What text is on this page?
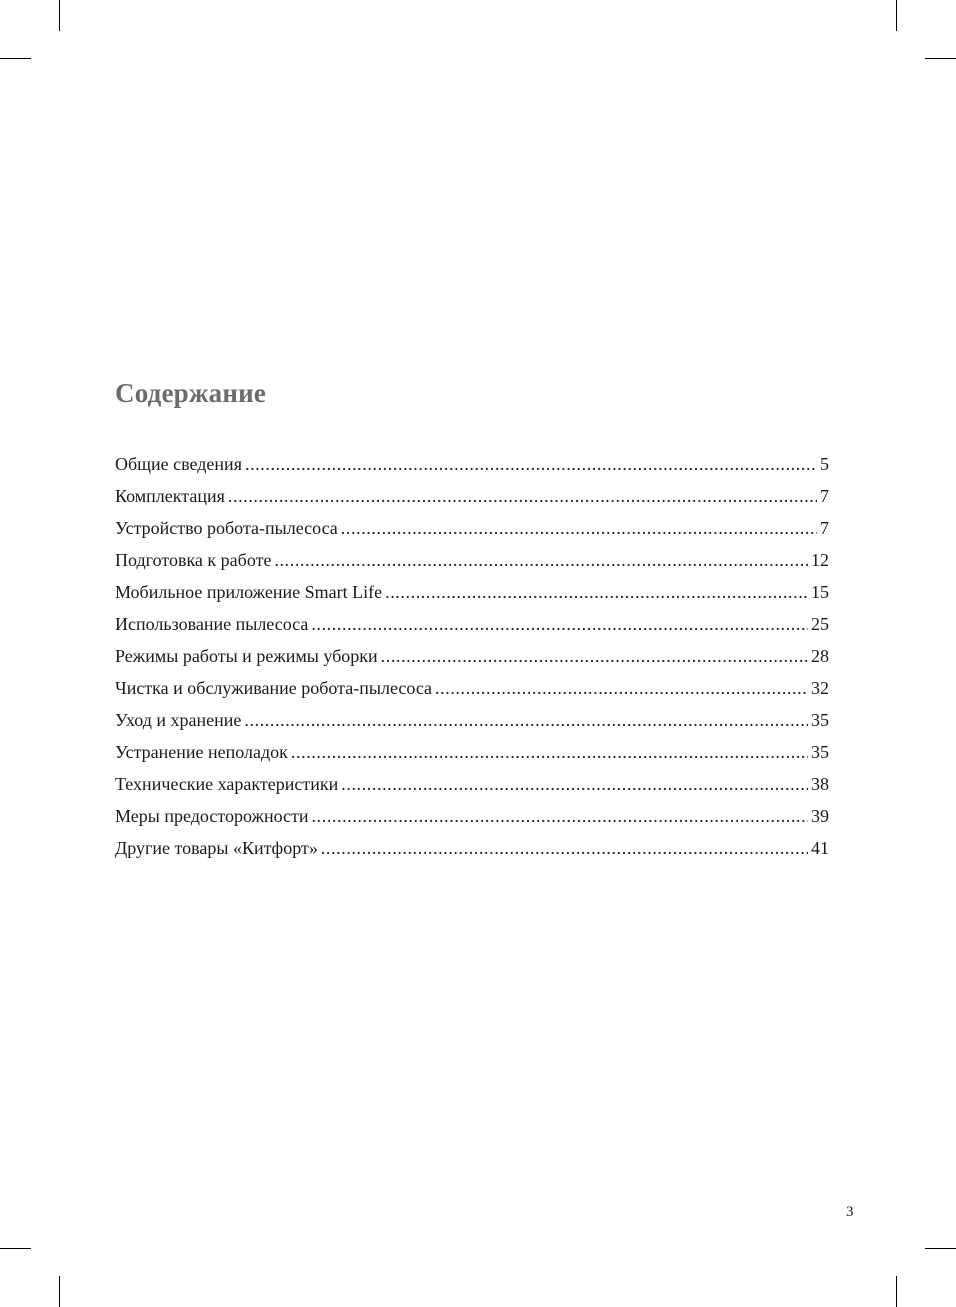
Содержание
Общие сведения .....	5
Комплектация .....	7
Устройство робота-пылесоса .....	7
Подготовка к работе .....	12
Мобильное приложение Smart Life .....	15
Использование пылесоса .....	25
Режимы работы и режимы уборки .....	28
Чистка и обслуживание робота-пылесоса .....	32
Уход и хранение .....	35
Устранение неполадок .....	35
Технические характеристики .....	38
Меры предосторожности .....	39
Другие товары «Китфорт» .....	41
3
